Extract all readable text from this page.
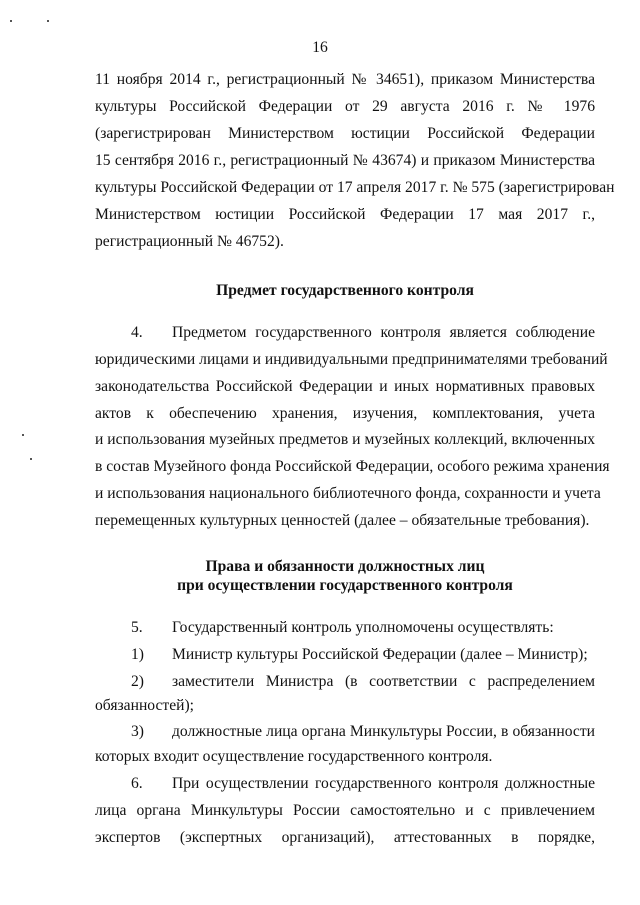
16
11 ноября 2014 г., регистрационный № 34651), приказом Министерства
культуры Российской Федерации от 29 августа 2016 г. № 1976
(зарегистрирован Министерством юстиции Российской Федерации
15 сентября 2016 г., регистрационный № 43674) и приказом Министерства
культуры Российской Федерации от 17 апреля 2017 г. № 575 (зарегистрирован
Министерством юстиции Российской Федерации 17 мая 2017 г.,
регистрационный № 46752).
Предмет государственного контроля
4. Предметом государственного контроля является соблюдение
юридическими лицами и индивидуальными предпринимателями требований
законодательства Российской Федерации и иных нормативных правовых
актов к обеспечению хранения, изучения, комплектования, учета
и использования музейных предметов и музейных коллекций, включенных
в состав Музейного фонда Российской Федерации, особого режима хранения
и использования национального библиотечного фонда, сохранности и учета
перемещенных культурных ценностей (далее – обязательные требования).
Права и обязанности должностных лиц
при осуществлении государственного контроля
5. Государственный контроль уполномочены осуществлять:
1) Министр культуры Российской Федерации (далее – Министр);
2) заместители Министра (в соответствии с распределением
обязанностей);
3) должностные лица органа Минкультуры России, в обязанности
которых входит осуществление государственного контроля.
6. При осуществлении государственного контроля должностные
лица органа Минкультуры России самостоятельно и с привлечением
экспертов (экспертных организаций), аттестованных в порядке,
